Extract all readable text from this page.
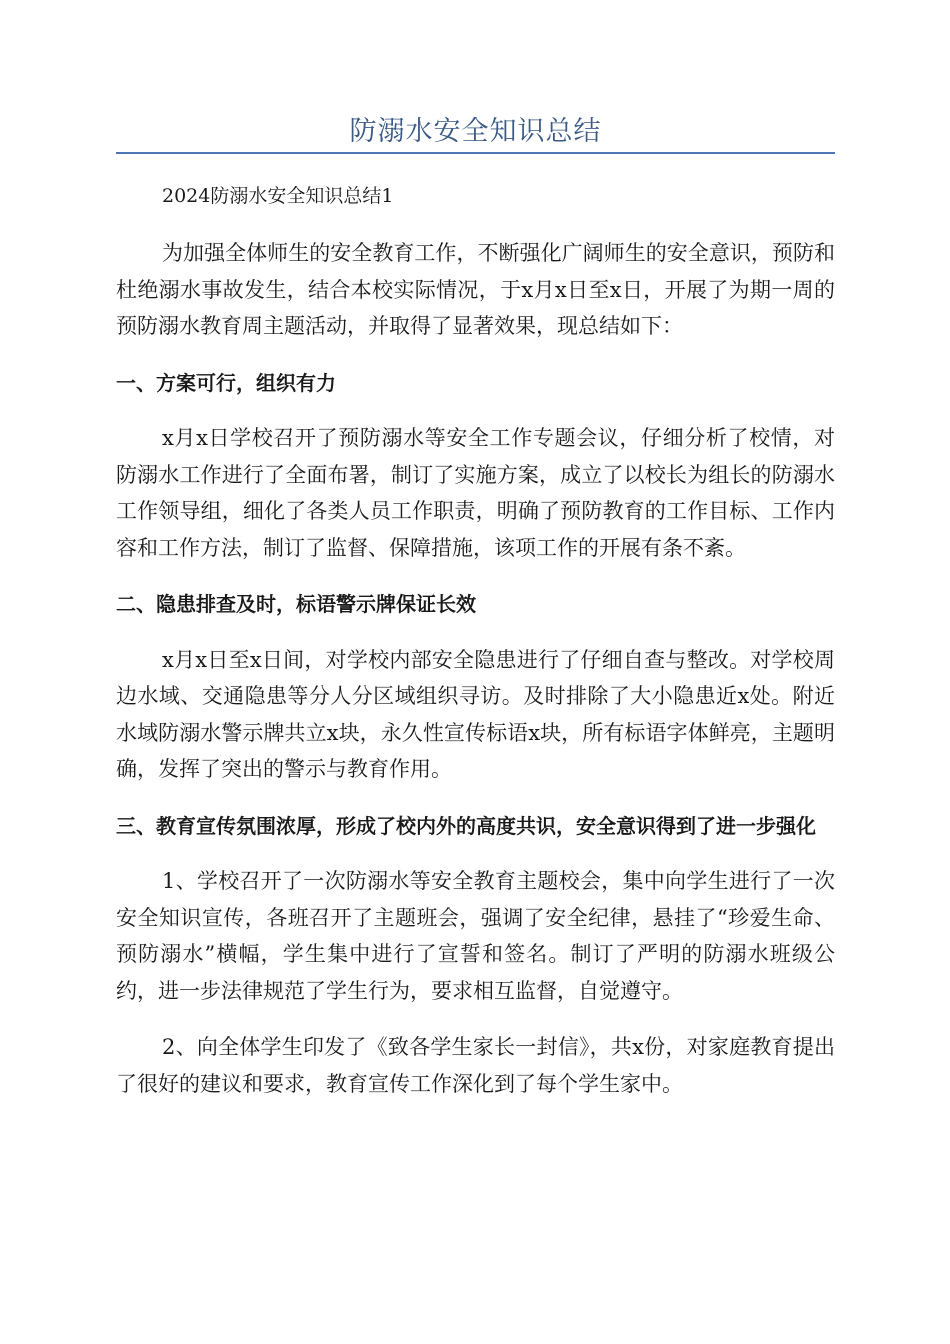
防溺水安全知识总结

2024防溺水安全知识总结1

为加强全体师生的安全教育工作，不断强化广阔师生的安全意识，预防和杜绝溺水事故发生，结合本校实际情况，于x月x日至x日，开展了为期一周的预防溺水教育周主题活动，并取得了显著效果，现总结如下：

一、方案可行，组织有力

x月x日学校召开了预防溺水等安全工作专题会议，仔细分析了校情，对防溺水工作进行了全面布署，制订了实施方案，成立了以校长为组长的防溺水工作领导组，细化了各类人员工作职责，明确了预防教育的工作目标、工作内容和工作方法，制订了监督、保障措施，该项工作的开展有条不紊。

二、隐患排查及时，标语警示牌保证长效

x月x日至x日间，对学校内部安全隐患进行了仔细自查与整改。对学校周边水域、交通隐患等分人分区域组织寻访。及时排除了大小隐患近x处。附近水域防溺水警示牌共立x块，永久性宣传标语x块，所有标语字体鲜亮，主题明确，发挥了突出的警示与教育作用。

三、教育宣传氛围浓厚，形成了校内外的高度共识，安全意识得到了进一步强化

1、学校召开了一次防溺水等安全教育主题校会，集中向学生进行了一次安全知识宣传，各班召开了主题班会，强调了安全纪律，悬挂了“珍爱生命、预防溺水”横幅，学生集中进行了宣誓和签名。制订了严明的防溺水班级公约，进一步法律规范了学生行为，要求相互监督，自觉遵守。

2、向全体学生印发了《致各学生家长一封信》，共x份，对家庭教育提出了很好的建议和要求，教育宣传工作深化到了每个学生家中。
